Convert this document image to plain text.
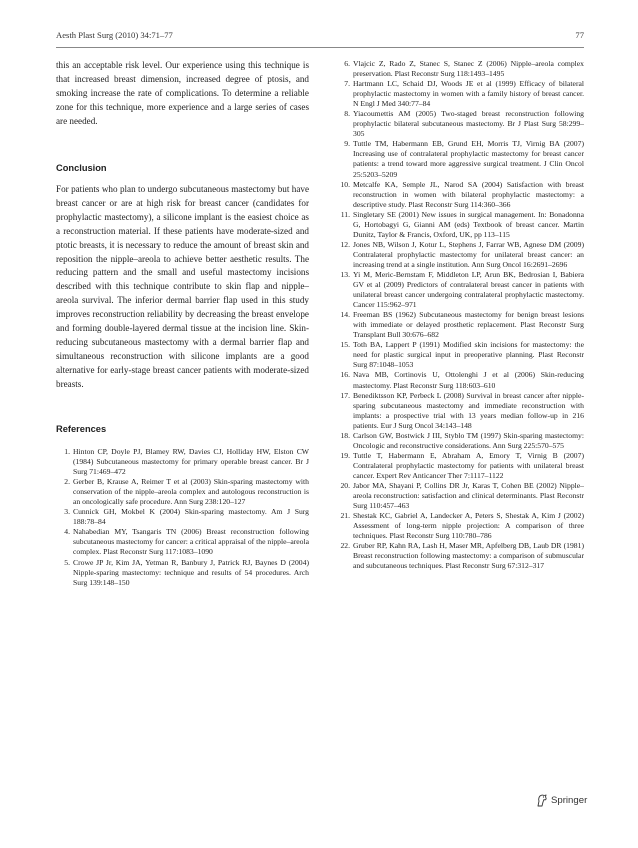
Aesth Plast Surg (2010) 34:71–77	77

this an acceptable risk level. Our experience using this technique is that increased breast dimension, increased degree of ptosis, and smoking increase the rate of complications. To determine a reliable zone for this technique, more experience and a large series of cases are needed.

Conclusion

For patients who plan to undergo subcutaneous mastectomy but have breast cancer or are at high risk for breast cancer (candidates for prophylactic mastectomy), a silicone implant is the easiest choice as a reconstruction material. If these patients have moderate-sized and ptotic breasts, it is necessary to reduce the amount of breast skin and reposition the nipple–areola to achieve better aesthetic results. The reducing pattern and the small and useful mastectomy incisions described with this technique contribute to skin flap and nipple–areola survival. The inferior dermal barrier flap used in this study improves reconstruction reliability by decreasing the breast envelope and forming double-layered dermal tissue at the incision line. Skin-reducing subcutaneous mastectomy with a dermal barrier flap and simultaneous reconstruction with silicone implants are a good alternative for early-stage breast cancer patients with moderate-sized breasts.

References
1. Hinton CP, Doyle PJ, Blamey RW, Davies CJ, Holliday HW, Elston CW (1984) Subcutaneous mastectomy for primary operable breast cancer. Br J Surg 71:469–472
2. Gerber B, Krause A, Reimer T et al (2003) Skin-sparing mastectomy with conservation of the nipple–areola complex and autologous reconstruction is an oncologically safe procedure. Ann Surg 238:120–127
3. Cunnick GH, Mokbel K (2004) Skin-sparing mastectomy. Am J Surg 188:78–84
4. Nahabedian MY, Tsangaris TN (2006) Breast reconstruction following subcutaneous mastectomy for cancer: a critical appraisal of the nipple–areola complex. Plast Reconstr Surg 117:1083–1090
5. Crowe JP Jr, Kim JA, Yetman R, Banbury J, Patrick RJ, Baynes D (2004) Nipple-sparing mastectomy: technique and results of 54 procedures. Arch Surg 139:148–150
6. Vlajcic Z, Rado Z, Stanec S, Stanec Z (2006) Nipple–areola complex preservation. Plast Reconstr Surg 118:1493–1495
7. Hartmann LC, Schaid DJ, Woods JE et al (1999) Efficacy of bilateral prophylactic mastectomy in women with a family history of breast cancer. N Engl J Med 340:77–84
8. Yiacoumettis AM (2005) Two-staged breast reconstruction following prophylactic bilateral subcutaneous mastectomy. Br J Plast Surg 58:299–305
9. Tuttle TM, Habermann EB, Grund EH, Morris TJ, Virnig BA (2007) Increasing use of contralateral prophylactic mastectomy for breast cancer patients: a trend toward more aggressive surgical treatment. J Clin Oncol 25:5203–5209
10. Metcalfe KA, Semple JL, Narod SA (2004) Satisfaction with breast reconstruction in women with bilateral prophylactic mastectomy: a descriptive study. Plast Reconstr Surg 114:360–366
11. Singletary SE (2001) New issues in surgical management. In: Bonadonna G, Hortobagyi G, Gianni AM (eds) Textbook of breast cancer. Martin Dunitz, Taylor & Francis, Oxford, UK, pp 113–115
12. Jones NB, Wilson J, Kotur L, Stephens J, Farrar WB, Agnese DM (2009) Contralateral prophylactic mastectomy for unilateral breast cancer: an increasing trend at a single institution. Ann Surg Oncol 16:2691–2696
13. Yi M, Meric-Bernstam F, Middleton LP, Arun BK, Bedrosian I, Babiera GV et al (2009) Predictors of contralateral breast cancer in patients with unilateral breast cancer undergoing contralateral prophylactic mastectomy. Cancer 115:962–971
14. Freeman BS (1962) Subcutaneous mastectomy for benign breast lesions with immediate or delayed prosthetic replacement. Plast Reconstr Surg Transplant Bull 30:676–682
15. Toth BA, Lappert P (1991) Modified skin incisions for mastectomy: the need for plastic surgical input in preoperative planning. Plast Reconstr Surg 87:1048–1053
16. Nava MB, Cortinovis U, Ottolenghi J et al (2006) Skin-reducing mastectomy. Plast Reconstr Surg 118:603–610
17. Benediktsson KP, Perbeck L (2008) Survival in breast cancer after nipple-sparing subcutaneous mastectomy and immediate reconstruction with implants: a prospective trial with 13 years median follow-up in 216 patients. Eur J Surg Oncol 34:143–148
18. Carlson GW, Bostwick J III, Styblo TM (1997) Skin-sparing mastectomy: Oncologic and reconstructive considerations. Ann Surg 225:570–575
19. Tuttle T, Habermann E, Abraham A, Emory T, Virnig B (2007) Contralateral prophylactic mastectomy for patients with unilateral breast cancer. Expert Rev Anticancer Ther 7:1117–1122
20. Jabor MA, Shayani P, Collins DR Jr, Karas T, Cohen BE (2002) Nipple–areola reconstruction: satisfaction and clinical determinants. Plast Reconstr Surg 110:457–463
21. Shestak KC, Gabriel A, Landecker A, Peters S, Shestak A, Kim J (2002) Assessment of long-term nipple projection: A comparison of three techniques. Plast Reconstr Surg 110:780–786
22. Gruber RP, Kahn RA, Lash H, Maser MR, Apfelberg DB, Laub DR (1981) Breast reconstruction following mastectomy: a comparison of submuscular and subcutaneous techniques. Plast Reconstr Surg 67:312–317
Springer
